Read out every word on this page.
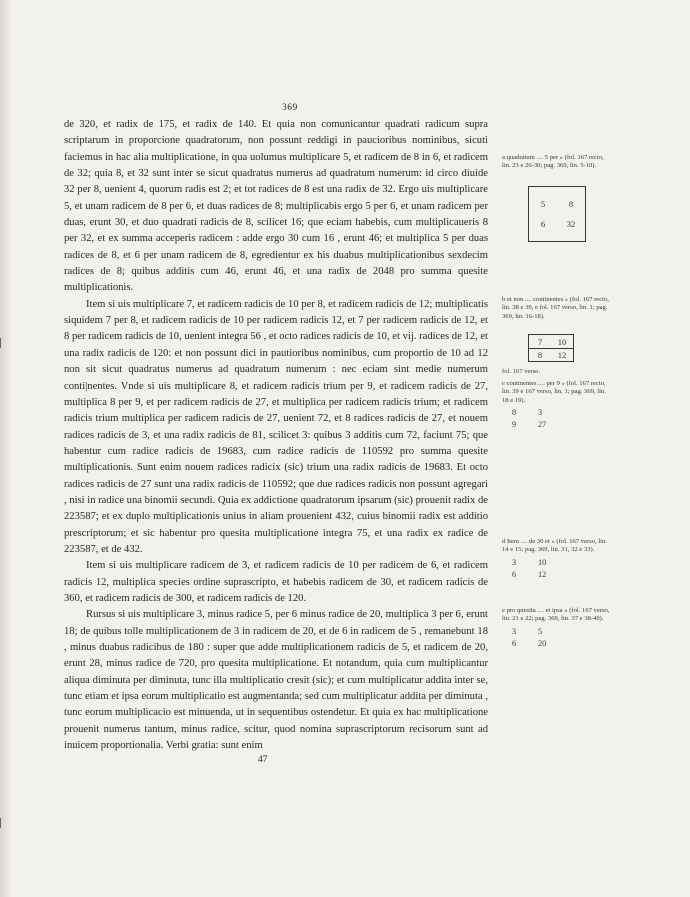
369

de 320, et radix de 175, et radix de 140. Et quia non comunicantur quadrati radicum supra scriptarum in proporcione quadratorum, non possunt reddigi in paucioribus nominibus, sicuti faciemus in hac alia multiplicatione, in qua uolumus multiplicare 5, et radicem de 8 in 6, et radicem de 32; quia 8, et 32 sunt inter se sicut quadratus numerus ad quadratum numerum: id circo diuide 32 per 8, uenient 4, quorum radis est 2; et tot radices de 8 est una radix de 32. Ergo uis multiplicare 5, et unam radicem de 8 per 6, et duas radices de 8; multiplicabis ergo 5 per 6, et unam radicem per duas, erunt 30, et duo quadrati radicis de 8, scilicet 16; que eciam habebis, cum multiplicaueris 8 per 32, et ex summa acceperis radicem : adde ergo 30 cum 16 , erunt 46; et multiplica 5 per duas radices de 8, et 6 per unam radicem de 8, egredientur ex his duabus multiplicationibus sexdecim radices de 8; quibus additis cum 46, erunt 46, et una radix de 2048 pro summa quesite multiplicationis.

Item si uis multiplicare 7, et radicem radicis de 10 per 8, et radicem radicis de 12; multiplicatis siquidem 7 per 8, et radicem radicis de 10 per radicem radicis 12, et 7 per radicem radicis de 12, et 8 per radicem radicis de 10, uenient integra 56 , et octo radices radicis de 10, et vij. radices de 12, et una radix radicis de 120: et non possunt dici in pautioribus nominibus, cum proportio de 10 ad 12 non sit sicut quadratus numerus ad quadratum numerum : nec eciam sint medie numerum conti|nentes. Vnde si uis multiplicare 8, et radicem radicis trium per 9, et radicem radicis de 27, multiplica 8 per 9, et per radicem radicis de 27, et multiplica per radicem radicis trium; et radicem radicis trium multiplica per radicem radicis de 27, uenient 72, et 8 radices radicis de 27, et nouem radices radicis de 3, et una radix radicis de 81, scilicet 3: quibus 3 additis cum 72, faciunt 75; que habentur cum radice radicis de 19683, cum radice radicis de 110592 pro summa quesite multiplicationis. Sunt enim nouem radices radicix (sic) trium una radix radicis de 19683. Et octo radices radicis de 27 sunt una radix radicis de 110592; que due radices radicis non possunt agregari , nisi in radice una binomii secundi. Quia ex addictione quadratorum ipsarum (sic) prouenit radix de 223587; et ex duplo multiplicationis unius in aliam prouenient 432, cuius binomii radix est additio prescriptorum; et sic habentur pro quesita multiplicatione integra 75, et una radix ex radice de 223587, et de 432.

Item si uis multiplicare radicem de 3, et radicem radicis de 10 per radicem de 6, et radicem radicis 12, multiplica species ordine suprascripto, et habebis radicem de 30, et radicem radicis de 360, et radicem radicis de 300, et radicem radicis de 120.

Rursus si uis multiplicare 3, minus radice 5, per 6 minus radice de 20, multiplica 3 per 6, erunt 18; de quibus tolle multiplicationem de 3 in radicem de 20, et de 6 in radicem de 5 , remanebunt 18 , minus duabus radicibus de 180 : super que adde multiplicationem radicis de 5, et radicem de 20, erunt 28, minus radice de 720, pro quesita multiplicatione. Et notandum, quia cum multiplicantur aliqua diminuta per diminuta, tunc illa multiplicatio cresit (sic); et cum multiplicatur addita inter se, tunc etiam et ipsa eorum multiplicatio est augmentanda; sed cum multiplicatur addita per diminuta , tunc eorum multiplicacio est minuenda, ut in sequentibus ostendetur. Et quia ex hac multiplicatione prouenit numerus tantum, minus radice, scitur, quod nomina suprascriptorum recisorum sunt ad inuicem proportionalia. Verbi gratia: sunt enim

47
a quadratum .... 5 per » (fol. 167 recto, lin. 23 e 26-30; pag. 369, lin. 5-10).
5	8
6	32
b et non .... continentes » (fol. 167 recto, lin. 38 e 39, e fol. 167 verso, lin. 1; pag. 369, lin. 16-18).
7	10
8	12
fol. 167 verso.
c continentes .... per 9 » (fol. 167 recto, lin. 39 e 167 verso, lin. 1; pag. 369, lin. 18 e 19).
8	3
9	27
d Item .... de 30 et » (fol. 167 verso, lin. 14 e 15; pag. 369, lin. 31, 32 e 33).
3	10
6	12
e pro quesita .... et ipsa » (fol. 167 verso, lin. 21 e 22; pag. 369, lin. 37 e 38-40).
3	5
6	20
